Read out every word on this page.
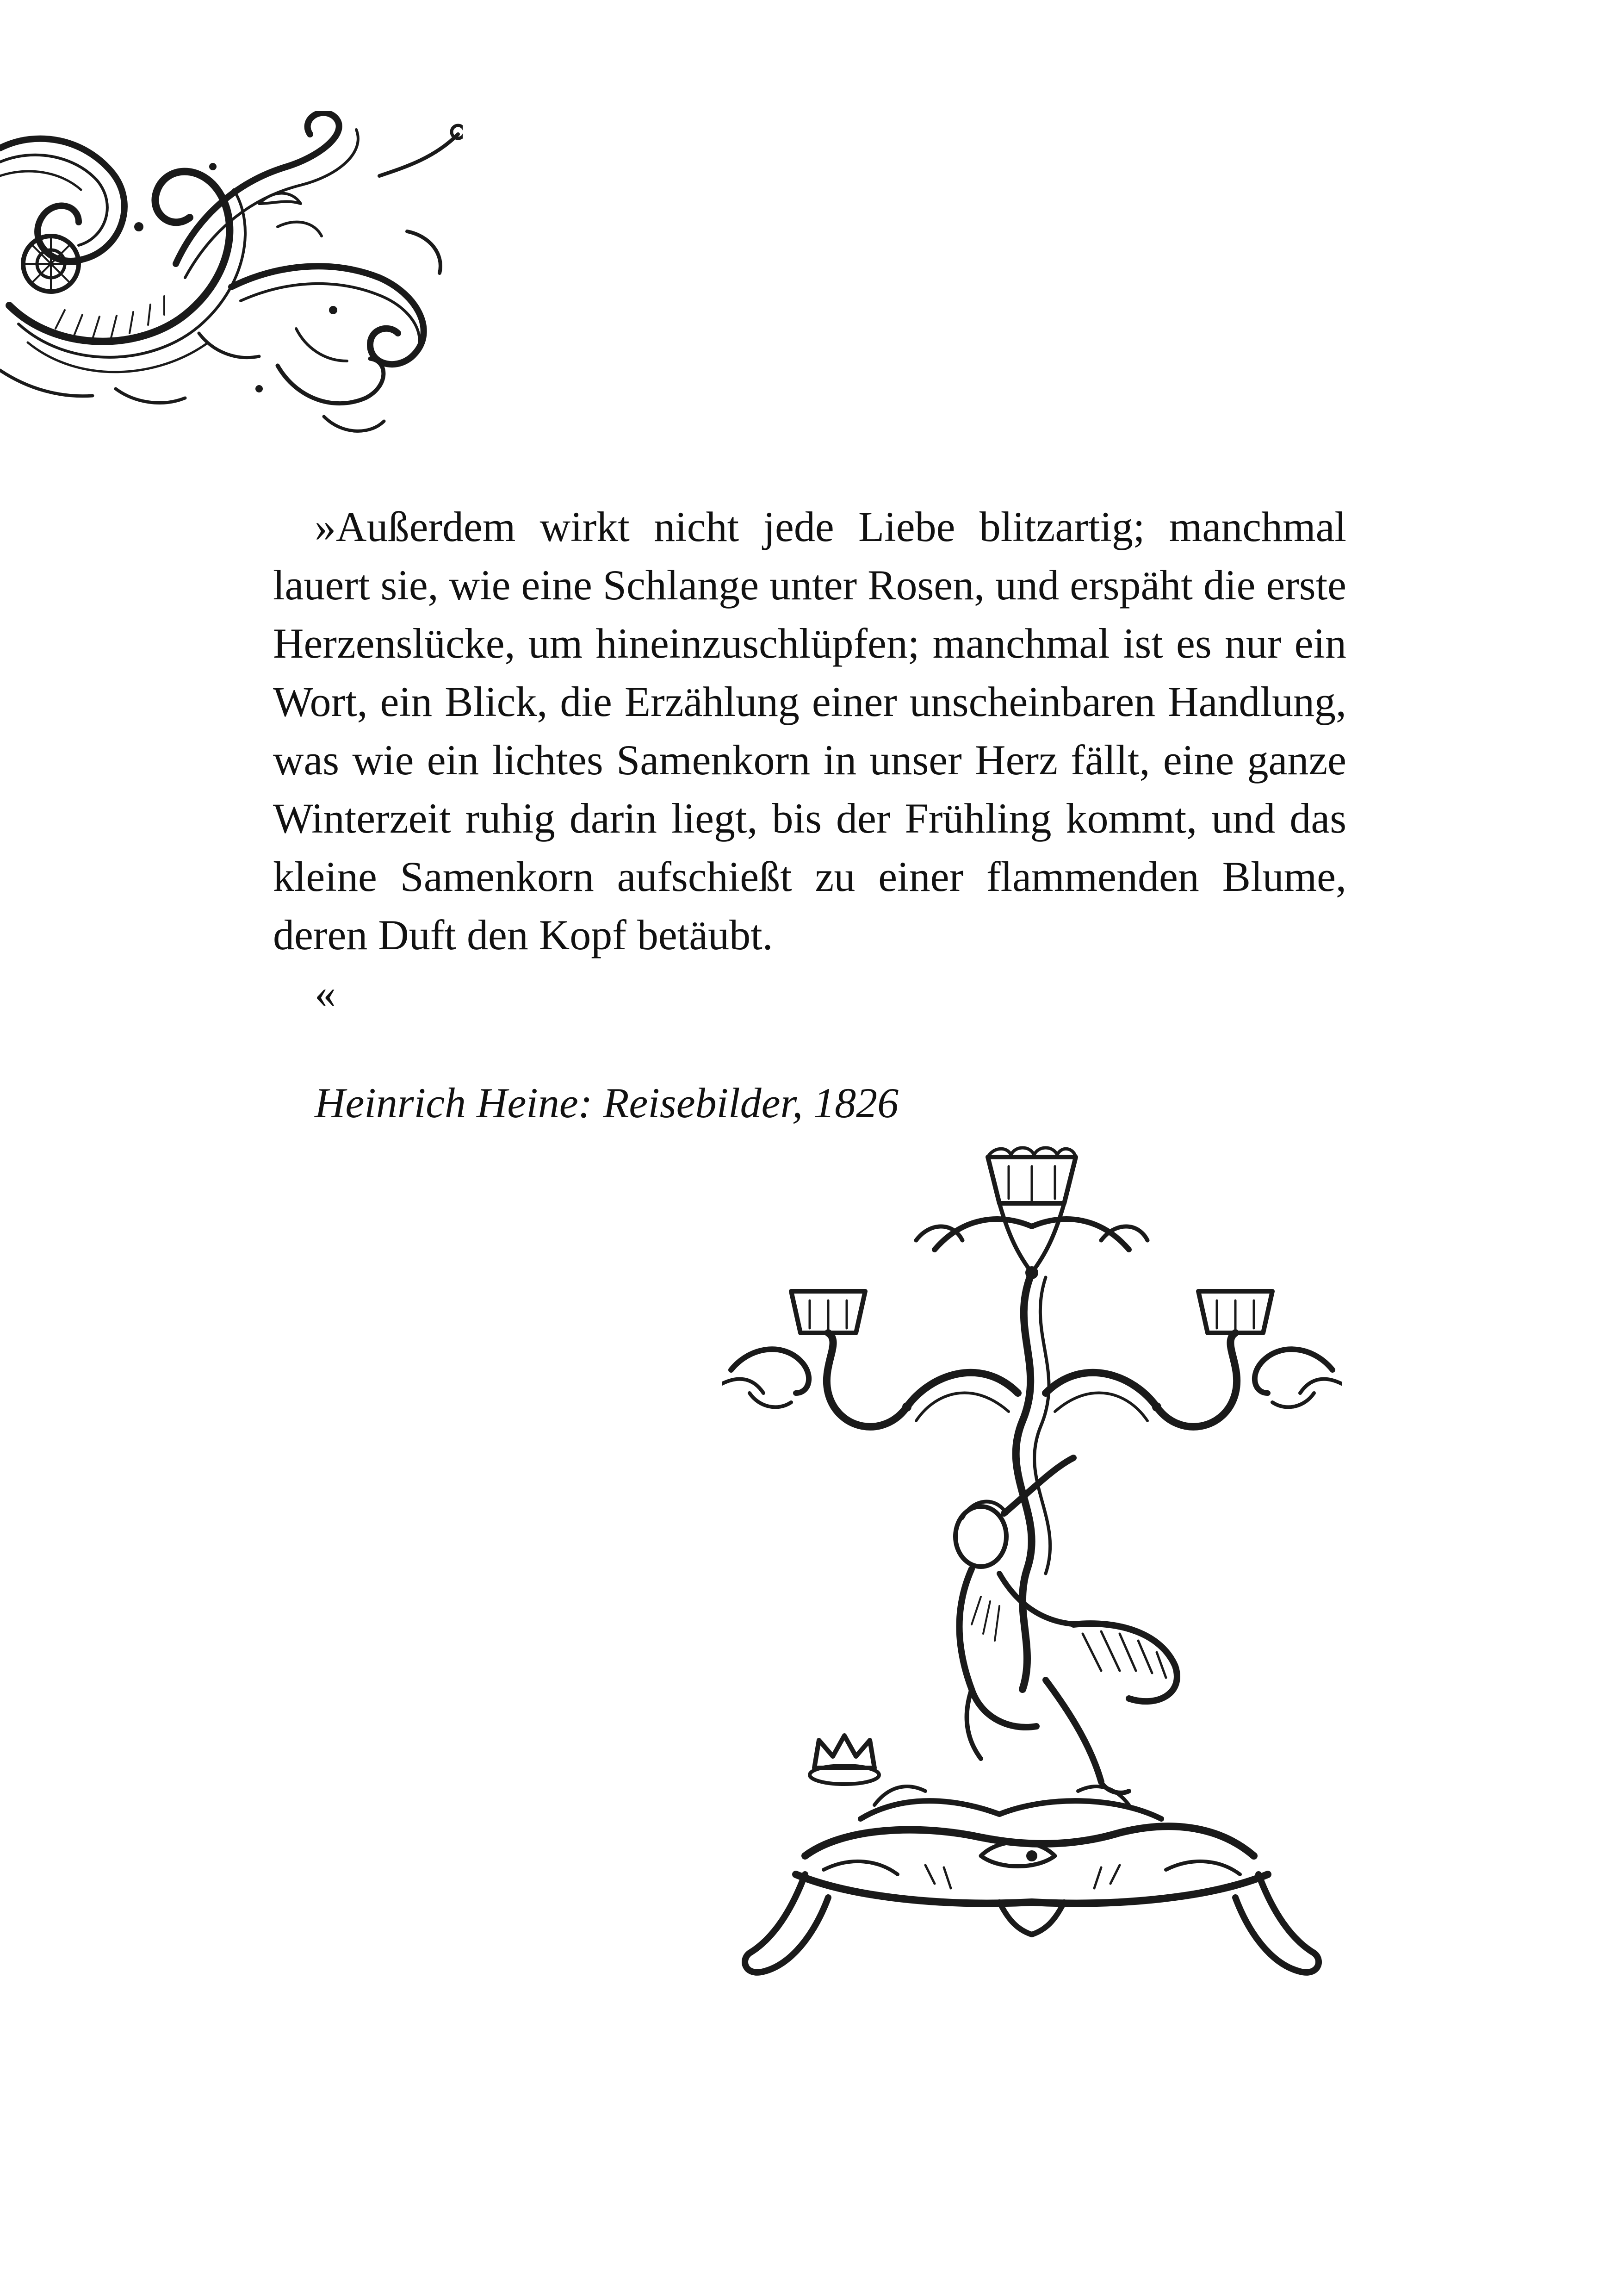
»Außerdem wirkt nicht jede Liebe blitzartig; manchmal lauert sie, wie eine Schlange unter Rosen, und erspäht die erste Herzenslücke, um hineinzuschlüpfen; manchmal ist es nur ein Wort, ein Blick, die Erzählung einer unscheinbaren Handlung, was wie ein lichtes Samenkorn in unser Herz fällt, eine ganze Winterzeit ruhig darin liegt, bis der Frühling kommt, und das kleine Samenkorn aufschießt zu einer flammenden Blume, deren Duft den Kopf betäubt.

«

Heinrich Heine: Reisebilder, 1826
